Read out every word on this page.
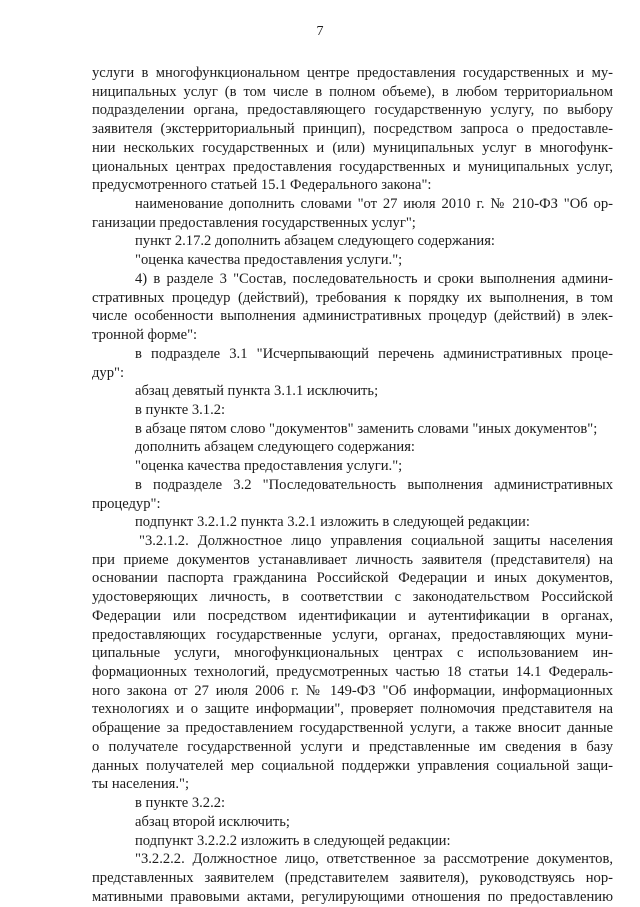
7
услуги в многофункциональном центре предоставления государственных и му-
ниципальных услуг (в том числе в полном объеме), в любом территориальном
подразделении органа, предоставляющего государственную услугу, по выбору
заявителя (экстерриториальный принцип), посредством запроса о предоставле-
нии нескольких государственных и (или) муниципальных услуг в многофунк-
циональных центрах предоставления государственных и муниципальных услуг,
предусмотренного статьей 15.1 Федерального закона":
наименование дополнить словами "от 27 июля 2010 г. № 210-ФЗ "Об ор-
ганизации предоставления государственных услуг";
пункт 2.17.2 дополнить абзацем следующего содержания:
"оценка качества предоставления услуги.";
4) в разделе 3 "Состав, последовательность и сроки выполнения админи-
стративных процедур (действий), требования к порядку их выполнения, в том
числе особенности выполнения административных процедур (действий) в элек-
тронной форме":
в подразделе 3.1 "Исчерпывающий перечень административных проце-
дур":
абзац девятый пункта 3.1.1 исключить;
в пункте 3.1.2:
в абзаце пятом слово "документов" заменить словами "иных документов";
дополнить абзацем следующего содержания:
"оценка качества предоставления услуги.";
в подразделе 3.2 "Последовательность выполнения административных
процедур":
подпункт 3.2.1.2 пункта 3.2.1 изложить в следующей редакции:
"3.2.1.2. Должностное лицо управления социальной защиты населения
при приеме документов устанавливает личность заявителя (представителя) на
основании паспорта гражданина Российской Федерации и иных документов,
удостоверяющих личность, в соответствии с законодательством Российской
Федерации или посредством идентификации и аутентификации в органах,
предоставляющих государственные услуги, органах, предоставляющих муни-
ципальные услуги, многофункциональных центрах с использованием ин-
формационных технологий, предусмотренных частью 18 статьи 14.1 Федераль-
ного закона от 27 июля 2006 г. № 149-ФЗ "Об информации, информационных
технологиях и о защите информации", проверяет полномочия представителя на
обращение за предоставлением государственной услуги, а также вносит данные
о получателе государственной услуги и представленные им сведения в базу
данных получателей мер социальной поддержки управления социальной защи-
ты населения.";
в пункте 3.2.2:
абзац второй исключить;
подпункт 3.2.2.2 изложить в следующей редакции:
"3.2.2.2. Должностное лицо, ответственное за рассмотрение документов,
представленных заявителем (представителем заявителя), руководствуясь нор-
мативными правовыми актами, регулирующими отношения по предоставлению
